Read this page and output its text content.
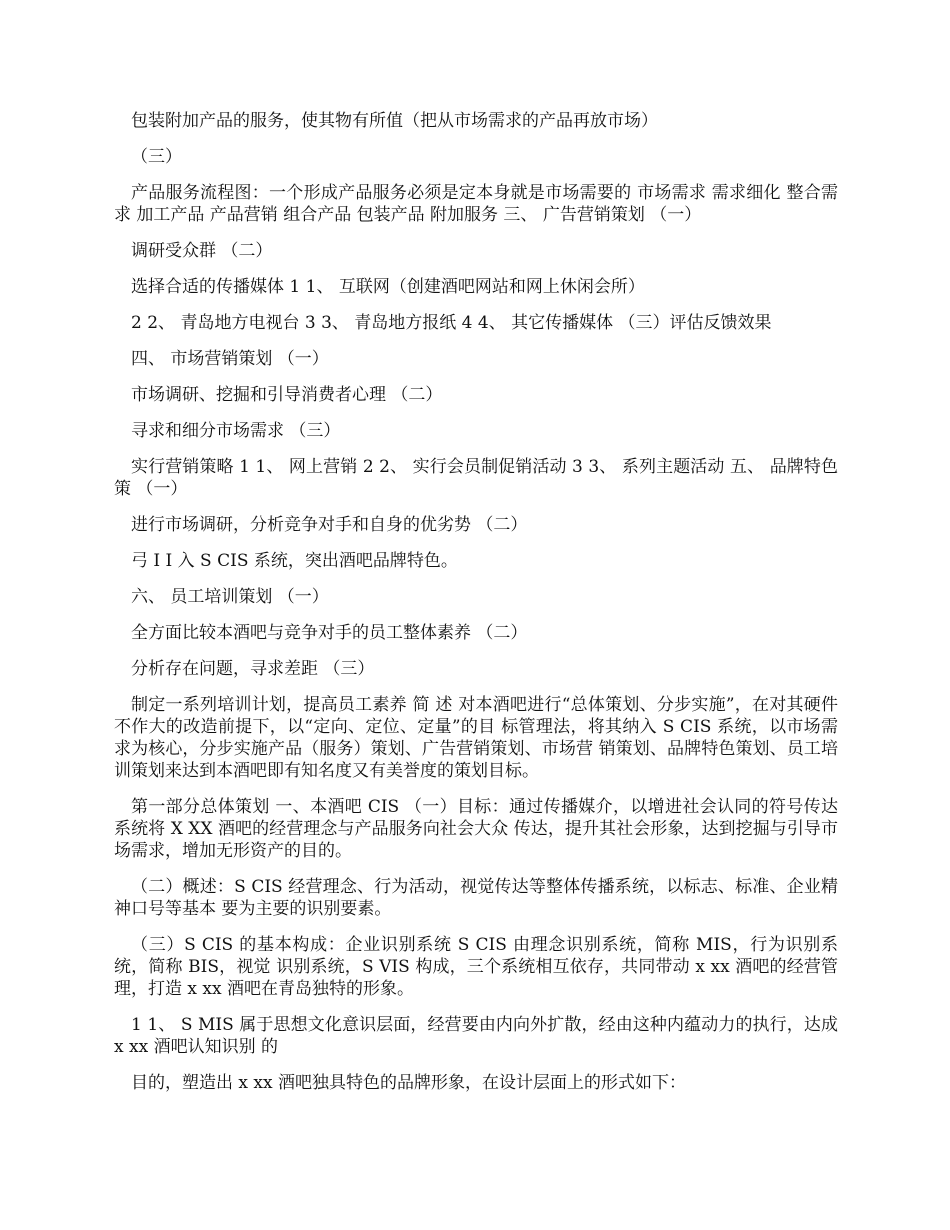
包装附加产品的服务，使其物有所值（把从市场需求的产品再放市场）

（三）

产品服务流程图：一个形成产品服务必须是定本身就是市场需要的 市场需求 需求细化 整合需求 加工产品 产品营销 组合产品 包装产品 附加服务 三、 广告营销策划 （一）

调研受众群 （二）

选择合适的传播媒体 1 1、 互联网（创建酒吧网站和网上休闲会所）

2 2、 青岛地方电视台 3 3、 青岛地方报纸 4 4、 其它传播媒体 （三）评估反馈效果

四、 市场营销策划 （一）

市场调研、挖掘和引导消费者心理 （二）

寻求和细分市场需求 （三）

实行营销策略 1 1、 网上营销 2 2、 实行会员制促销活动 3 3、 系列主题活动 五、 品牌特色策 （一）

进行市场调研，分析竞争对手和自身的优劣势 （二）

弓 I I 入 S CIS 系统，突出酒吧品牌特色。

六、 员工培训策划 （一）

全方面比较本酒吧与竞争对手的员工整体素养 （二）

分析存在问题，寻求差距 （三）

制定一系列培训计划，提高员工素养 简 述 对本酒吧进行“总体策划、分步实施”，在对其硬件不作大的改造前提下，以“定向、定位、定量”的目 标管理法，将其纳入 S CIS 系统，以市场需求为核心，分步实施产品（服务）策划、广告营销策划、市场营 销策划、品牌特色策划、员工培训策划来达到本酒吧即有知名度又有美誉度的策划目标。

第一部分总体策划 一、本酒吧 CIS （一）目标：通过传播媒介，以增进社会认同的符号传达系统将 X XX 酒吧的经营理念与产品服务向社会大众 传达，提升其社会形象，达到挖掘与引导市场需求，增加无形资产的目的。

（二）概述：S CIS 经营理念、行为活动，视觉传达等整体传播系统，以标志、标准、企业精神口号等基本 要为主要的识别要素。

（三）S CIS 的基本构成：企业识别系统 S CIS 由理念识别系统，简称 MIS，行为识别系统，简称 BIS，视觉 识别系统，S VIS 构成，三个系统相互依存，共同带动 x xx 酒吧的经营管理，打造 x xx 酒吧在青岛独特的形象。

1 1、 S MIS 属于思想文化意识层面，经营要由内向外扩散，经由这种内蕴动力的执行，达成 x xx 酒吧认知识别 的

目的，塑造出 x xx 酒吧独具特色的品牌形象，在设计层面上的形式如下：
